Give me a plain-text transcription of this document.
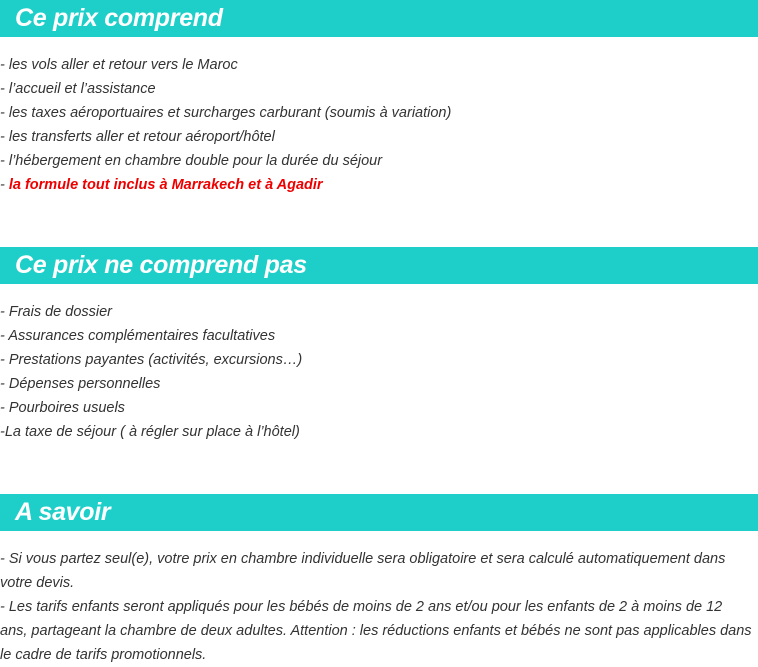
Ce prix comprend
- les vols aller et retour vers le Maroc
- l’accueil et l’assistance
- les taxes aéroportuaires et surcharges carburant (soumis à variation)
- les transferts aller et retour aéroport/hôtel
- l’hébergement en chambre double pour la durée du séjour
- la formule tout inclus à Marrakech et à Agadir
Ce prix ne comprend pas
- Frais de dossier
- Assurances complémentaires facultatives
- Prestations payantes (activités, excursions…)
- Dépenses personnelles
- Pourboires usuels
-La taxe de séjour ( à régler sur place à l’hôtel)
A savoir

- Si vous partez seul(e), votre prix en chambre individuelle sera obligatoire et sera calculé automatiquement dans votre devis.

- Les tarifs enfants seront appliqués pour les bébés de moins de 2 ans et/ou pour les enfants de 2 à moins de 12 ans, partageant la chambre de deux adultes. Attention : les réductions enfants et bébés ne sont pas applicables dans le cadre de tarifs promotionnels.
